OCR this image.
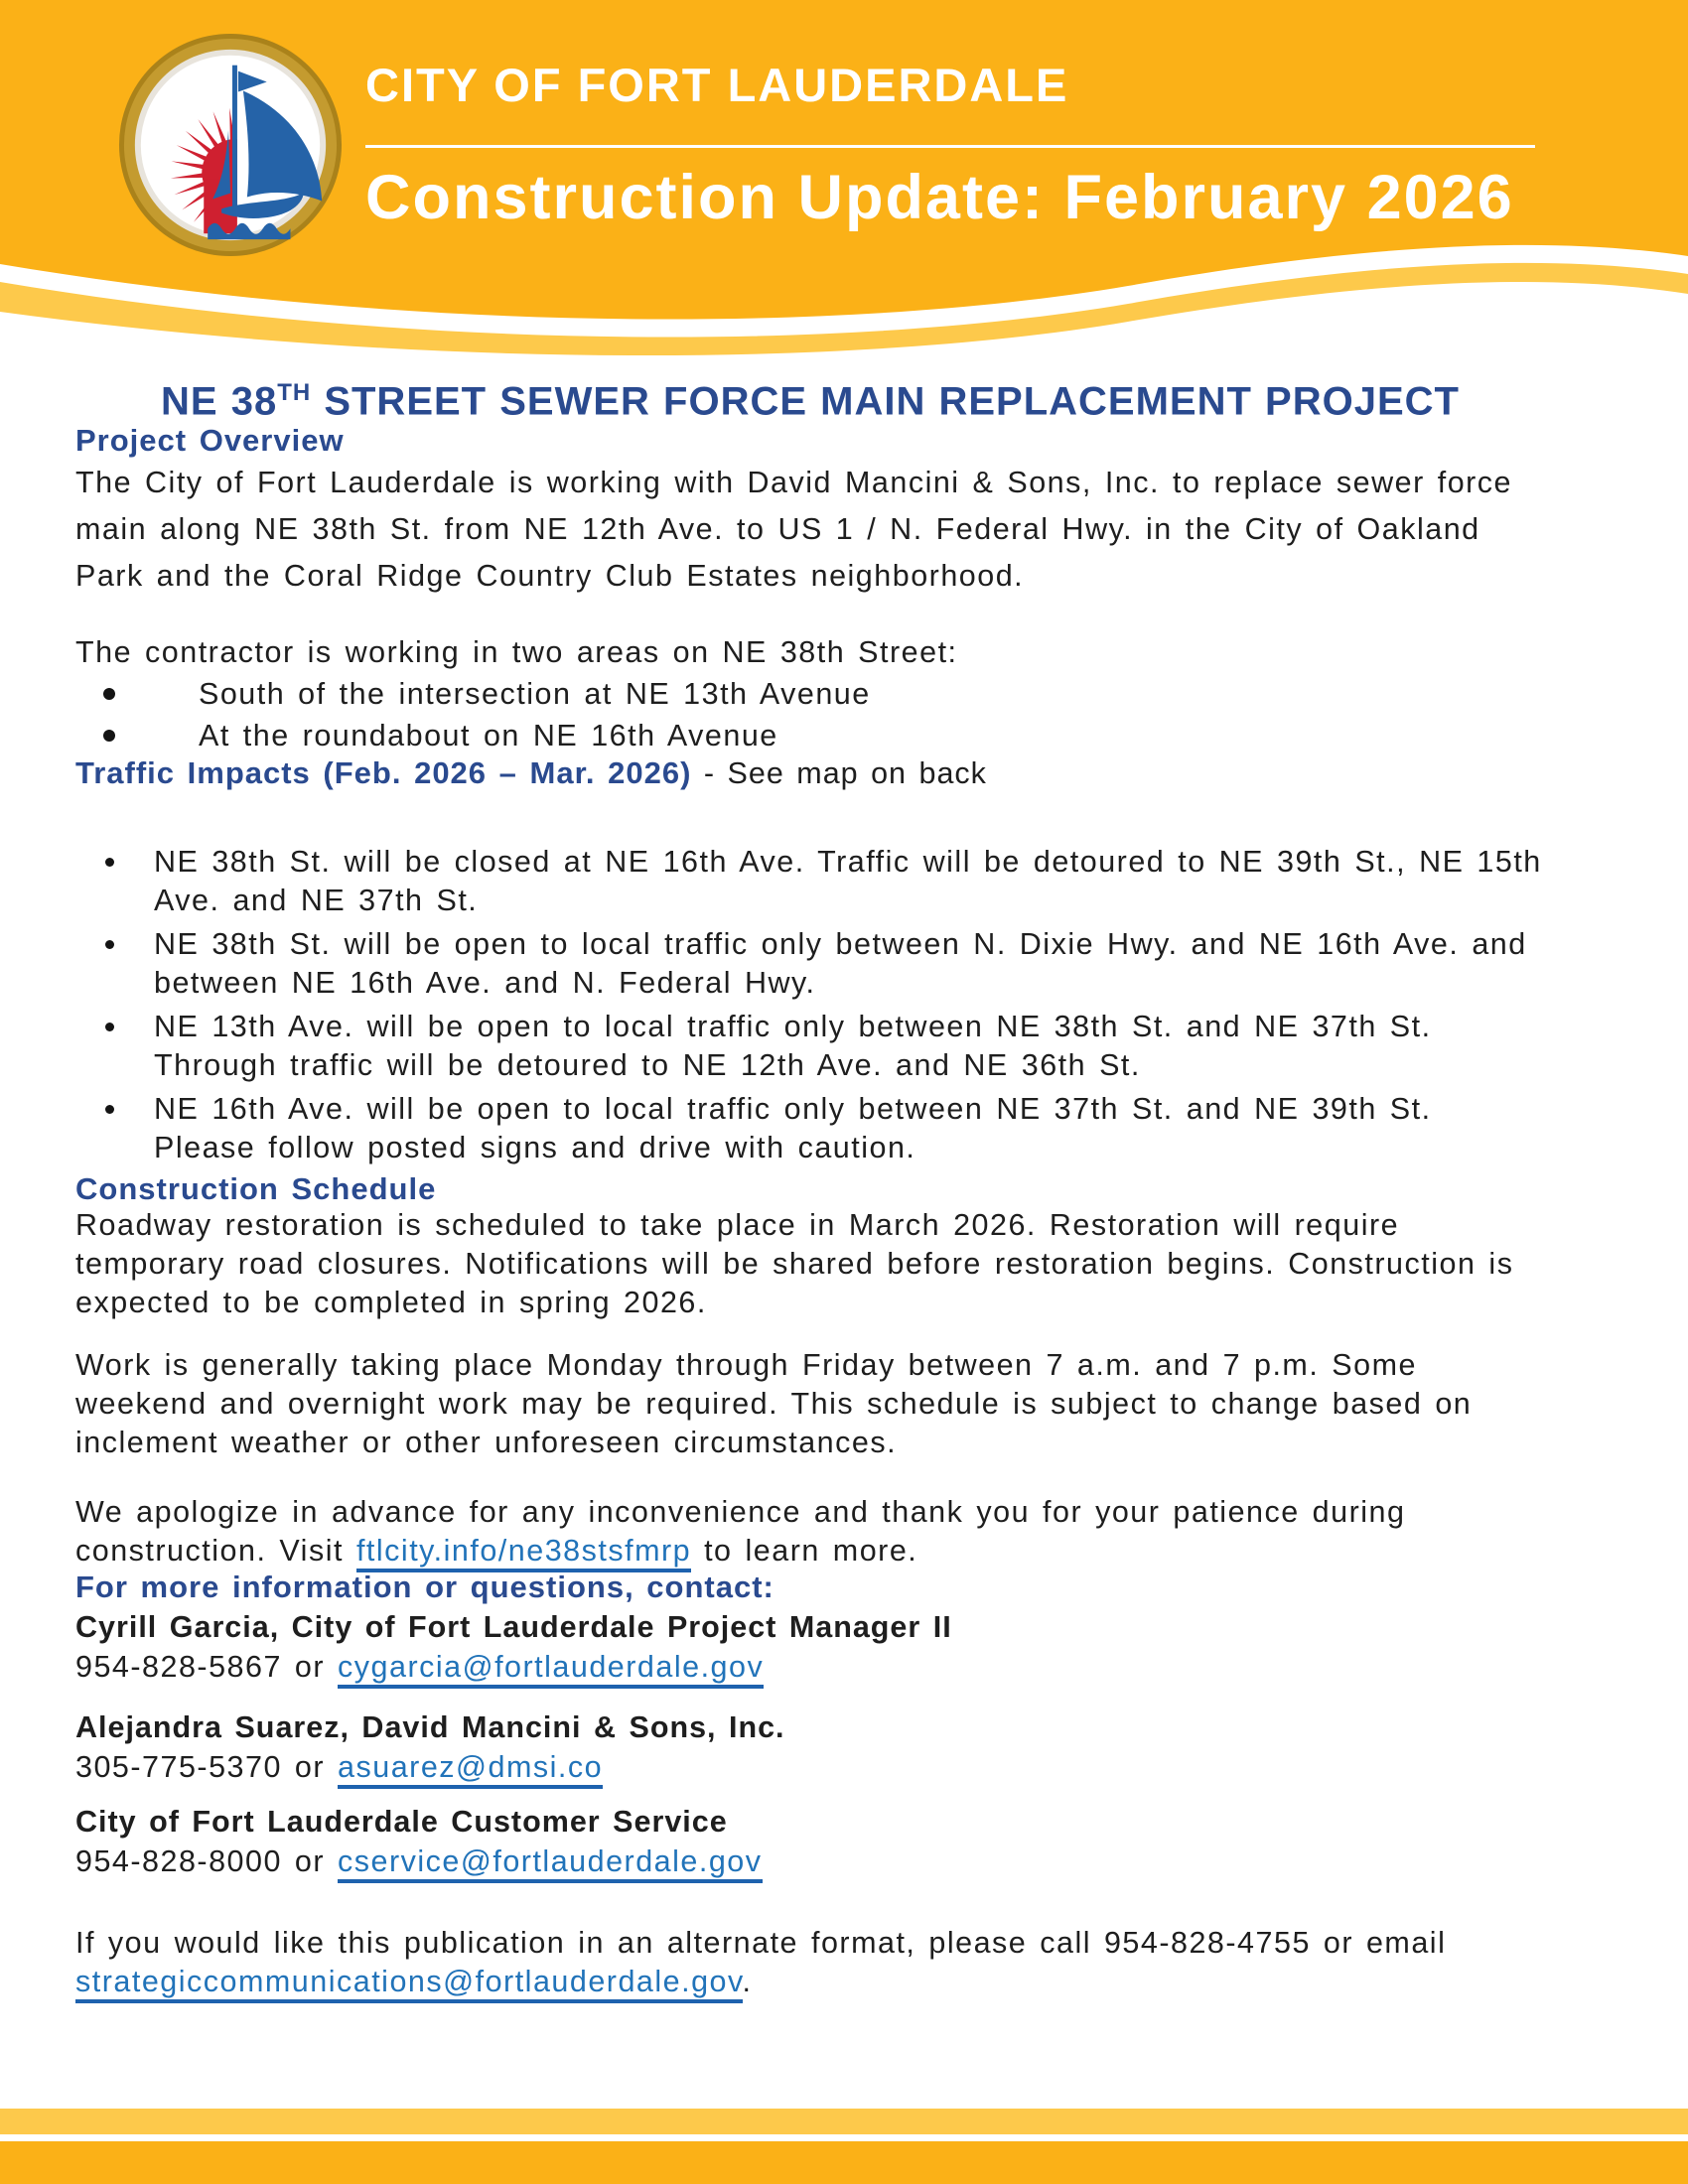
CITY OF FORT LAUDERDALE
Construction Update: February 2026
NE 38TH STREET SEWER FORCE MAIN REPLACEMENT PROJECT
Project Overview

The City of Fort Lauderdale is working with David Mancini & Sons, Inc. to replace sewer force main along NE 38th St. from NE 12th Ave. to US 1 / N. Federal Hwy. in the City of Oakland Park and the Coral Ridge Country Club Estates neighborhood.

The contractor is working in two areas on NE 38th Street:

South of the intersection at NE 13th Avenue
At the roundabout on NE 16th Avenue
Traffic Impacts (Feb. 2026 – Mar. 2026) - See map on back
NE 38th St. will be closed at NE 16th Ave. Traffic will be detoured to NE 39th St., NE 15th Ave. and NE 37th St.
NE 38th St. will be open to local traffic only between N. Dixie Hwy. and NE 16th Ave. and between NE 16th Ave. and N. Federal Hwy.
NE 13th Ave. will be open to local traffic only between NE 38th St. and NE 37th St. Through traffic will be detoured to NE 12th Ave. and NE 36th St.
NE 16th Ave. will be open to local traffic only between NE 37th St. and NE 39th St. Please follow posted signs and drive with caution.
Construction Schedule

Roadway restoration is scheduled to take place in March 2026. Restoration will require temporary road closures. Notifications will be shared before restoration begins. Construction is expected to be completed in spring 2026.

Work is generally taking place Monday through Friday between 7 a.m. and 7 p.m. Some weekend and overnight work may be required. This schedule is subject to change based on inclement weather or other unforeseen circumstances.

We apologize in advance for any inconvenience and thank you for your patience during construction. Visit ftlcity.info/ne38stsfmrp to learn more.

For more information or questions, contact:
Cyrill Garcia, City of Fort Lauderdale Project Manager II
954-828-5867 or cygarcia@fortlauderdale.gov
Alejandra Suarez, David Mancini & Sons, Inc.
305-775-5370 or asuarez@dmsi.co
City of Fort Lauderdale Customer Service
954-828-8000 or cservice@fortlauderdale.gov

If you would like this publication in an alternate format, please call 954-828-4755 or email strategiccommunications@fortlauderdale.gov.
